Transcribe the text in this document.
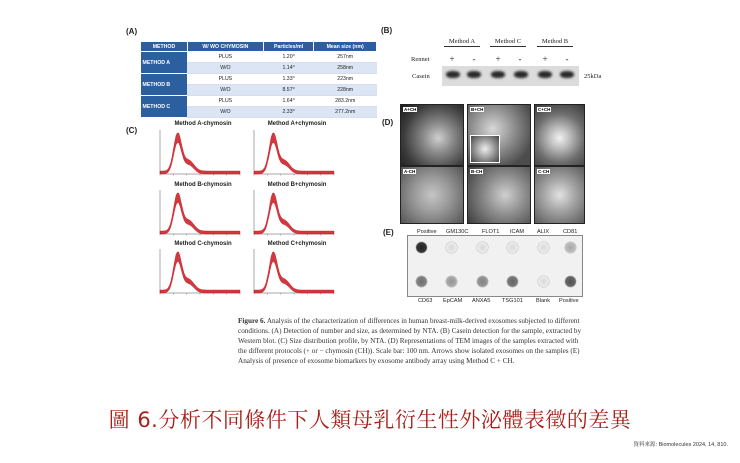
(A)	(B)
(C)
(D)
(E)
METHOD	W/ WO CHYMOSIN	Particles/ml	Mean size (nm)
METHOD A	PLUS	1.20⁰	257nm
	W/O	1.14⁰	258nm
METHOD B	PLUS	1.33⁰	223nm
	W/O	8.57⁰	228nm
METHOD C	PLUS	1.64⁰	283.2nm
	W/O	2.33⁰	277.2nm
Method A	Method C	Method B
Rennet	+	-	+	-	+	-
Casein	25kDa
Method A-chymosin	Method A+chymosin
Method B-chymosin	Method B+chymosin
Method C-chymosin	Method C+chymosin
A+CH	B+CH	C+CH
A-CH	B-CH	C-CH
Positive GM130C FLOT1 ICAM ALIX CD81
CD63 EpCAM ANXA5 TSG101 Blank Positive
Figure 6. Analysis of the characterization of differences in human breast-milk-derived exosomes subjected to different conditions. (A) Detection of number and size, as determined by NTA. (B) Casein detection for the sample, extracted by Western blot. (C) Size distribution profile, by NTA. (D) Representations of TEM images of the samples extracted with the different protocols (+ or − chymosin (CH)). Scale bar: 100 nm. Arrows show isolated exosomes on the samples (E) Analysis of presence of exosome biomarkers by exosome antibody array using Method C + CH.
圖 6.分析不同條件下人類母乳衍生性外泌體表徵的差異
資料來源: Biomolecules 2024, 14, 810.
